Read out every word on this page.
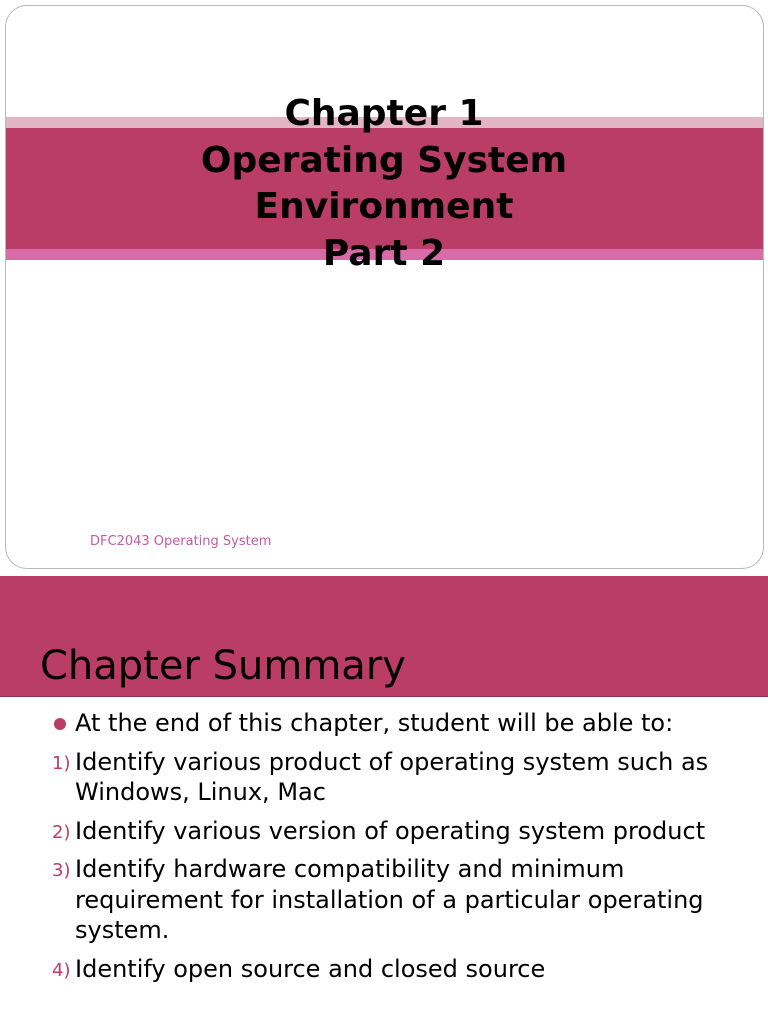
DFC2043 Operating System
Chapter 1
Operating System
Environment
Part 2
Chapter Summary
At the end of this chapter, student will be able to:
1) Identify various product of operating system such as Windows, Linux, Mac
2) Identify various version of operating system product
3) Identify hardware compatibility and minimum requirement for installation of a particular operating system.
4) Identify open source and closed source
